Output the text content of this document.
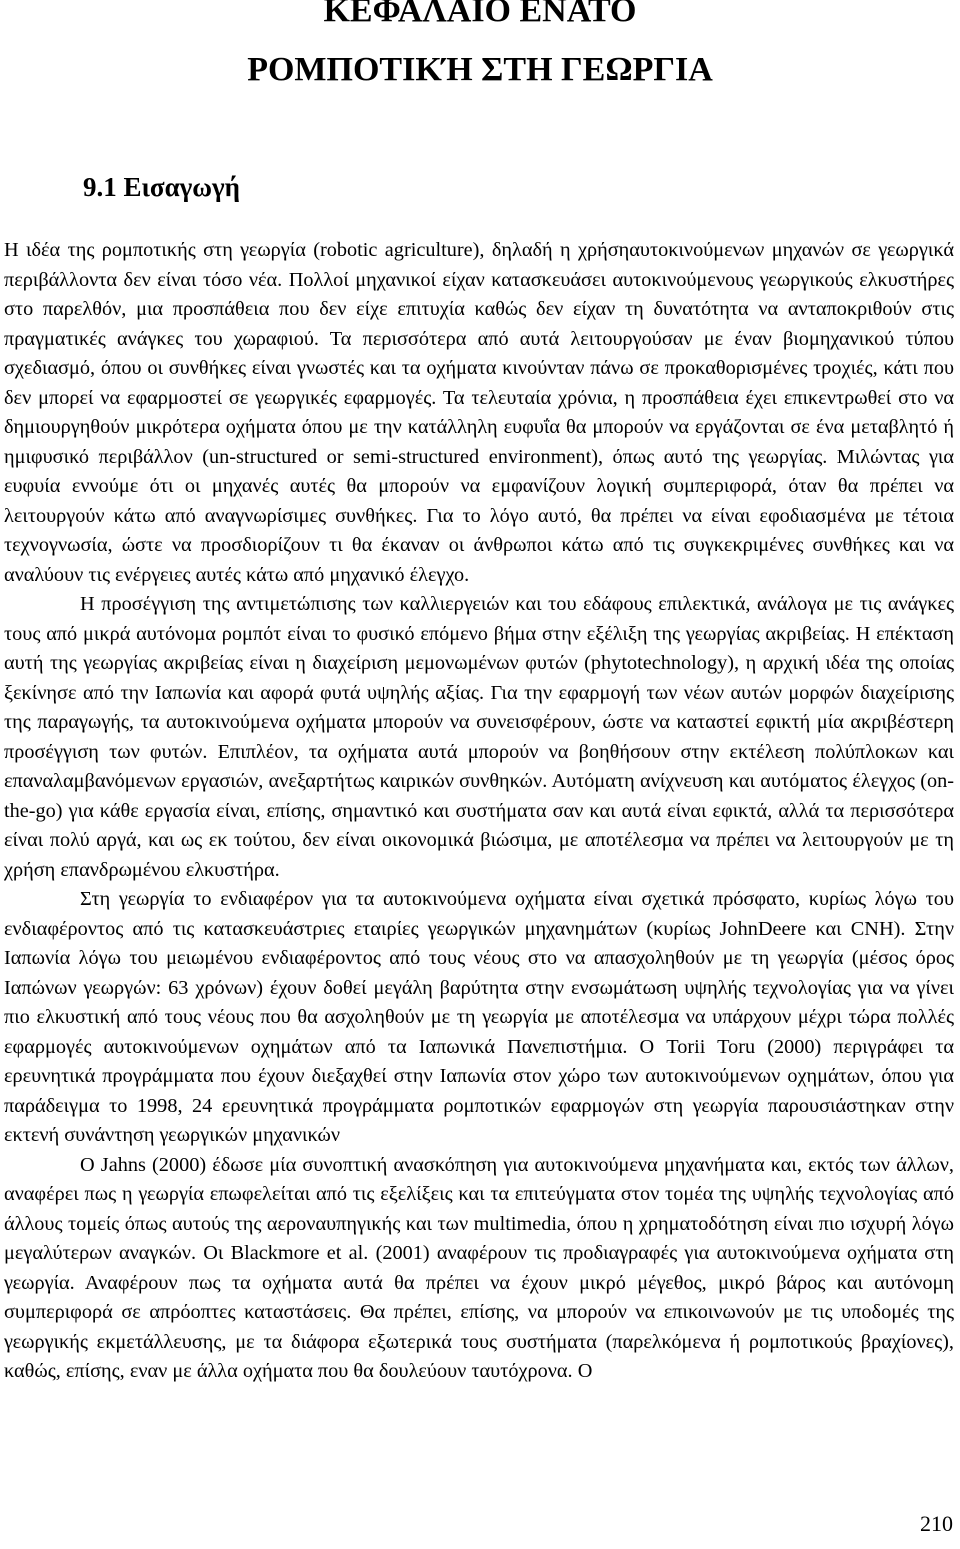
ΚΕΦΑΛΑΙΟ ΕΝΑΤΟ
ΡΟΜΠΟΤΙΚΉ ΣΤΗ ΓΕΩΡΓΙΑ
9.1 Εισαγωγή

Η ιδέα της ρομποτικής στη γεωργία (robotic agriculture), δηλαδή η χρήσηαυτοκινούμενων μηχανών σε γεωργικά περιβάλλοντα δεν είναι τόσο νέα. Πολλοί μηχανικοί είχαν κατασκευάσει αυτοκινούμενους γεωργικούς ελκυστήρες στο παρελθόν, μια προσπάθεια που δεν είχε επιτυχία καθώς δεν είχαν τη δυνατότητα να ανταποκριθούν στις πραγματικές ανάγκες του χωραφιού. Τα περισσότερα από αυτά λειτουργούσαν με έναν βιομηχανικού τύπου σχεδιασμό, όπου οι συνθήκες είναι γνωστές και τα οχήματα κινούνταν πάνω σε προκαθορισμένες τροχιές, κάτι που δεν μπορεί να εφαρμοστεί σε γεωργικές εφαρμογές. Τα τελευταία χρόνια, η προσπάθεια έχει επικεντρωθεί στο να δημιουργηθούν μικρότερα οχήματα όπου με την κατάλληλη ευφυΐα θα μπορούν να εργάζονται σε ένα μεταβλητό ή ημιφυσικό περιβάλλον (un-structured or semi-structured environment), όπως αυτό της γεωργίας. Μιλώντας για ευφυία εννούμε ότι οι μηχανές αυτές θα μπορούν να εμφανίζουν λογική συμπεριφορά, όταν θα πρέπει να λειτουργούν κάτω από αναγνωρίσιμες συνθήκες. Για το λόγο αυτό, θα πρέπει να είναι εφοδιασμένα με τέτοια τεχνογνωσία, ώστε να προσδιορίζουν τι θα έκαναν οι άνθρωποι κάτω από τις συγκεκριμένες συνθήκες και να αναλύουν τις ενέργειες αυτές κάτω από μηχανικό έλεγχο.

Η προσέγγιση της αντιμετώπισης των καλλιεργειών και του εδάφους επιλεκτικά, ανάλογα με τις ανάγκες τους από μικρά αυτόνομα ρομπότ είναι το φυσικό επόμενο βήμα στην εξέλιξη της γεωργίας ακριβείας. Η επέκταση αυτή της γεωργίας ακριβείας είναι η διαχείριση μεμονωμένων φυτών (phytotechnology), η αρχική ιδέα της οποίας ξεκίνησε από την Ιαπωνία και αφορά φυτά υψηλής αξίας. Για την εφαρμογή των νέων αυτών μορφών διαχείρισης της παραγωγής, τα αυτοκινούμενα οχήματα μπορούν να συνεισφέρουν, ώστε να καταστεί εφικτή μία ακριβέστερη προσέγγιση των φυτών. Επιπλέον, τα οχήματα αυτά μπορούν να βοηθήσουν στην εκτέλεση πολύπλοκων και επαναλαμβανόμενων εργασιών, ανεξαρτήτως καιρικών συνθηκών. Αυτόματη ανίχνευση και αυτόματος έλεγχος (on-the-go) για κάθε εργασία είναι, επίσης, σημαντικό και συστήματα σαν και αυτά είναι εφικτά, αλλά τα περισσότερα είναι πολύ αργά, και ως εκ τούτου, δεν είναι οικονομικά βιώσιμα, με αποτέλεσμα να πρέπει να λειτουργούν με τη χρήση επανδρωμένου ελκυστήρα.

Στη γεωργία το ενδιαφέρον για τα αυτοκινούμενα οχήματα είναι σχετικά πρόσφατο, κυρίως λόγω του ενδιαφέροντος από τις κατασκευάστριες εταιρίες γεωργικών μηχανημάτων (κυρίως JohnDeere και CNH). Στην Ιαπωνία λόγω του μειωμένου ενδιαφέροντος από τους νέους στο να απασχοληθούν με τη γεωργία (μέσος όρος Ιαπώνων γεωργών: 63 χρόνων) έχουν δοθεί μεγάλη βαρύτητα στην ενσωμάτωση υψηλής τεχνολογίας για να γίνει πιο ελκυστική από τους νέους που θα ασχοληθούν με τη γεωργία με αποτέλεσμα να υπάρχουν μέχρι τώρα πολλές εφαρμογές αυτοκινούμενων οχημάτων από τα Ιαπωνικά Πανεπιστήμια. Ο Torii Toru (2000) περιγράφει τα ερευνητικά προγράμματα που έχουν διεξαχθεί στην Ιαπωνία στον χώρο των αυτοκινούμενων οχημάτων, όπου για παράδειγμα το 1998, 24 ερευνητικά προγράμματα ρομποτικών εφαρμογών στη γεωργία παρουσιάστηκαν στην εκτενή συνάντηση γεωργικών μηχανικών

Ο Jahns (2000) έδωσε μία συνοπτική ανασκόπηση για αυτοκινούμενα μηχανήματα και, εκτός των άλλων, αναφέρει πως η γεωργία επωφελείται από τις εξελίξεις και τα επιτεύγματα στον τομέα της υψηλής τεχνολογίας από άλλους τομείς όπως αυτούς της αεροναυπηγικής και των multimedia, όπου η χρηματοδότηση είναι πιο ισχυρή λόγω μεγαλύτερων αναγκών. Οι Blackmore et al. (2001) αναφέρουν τις προδιαγραφές για αυτοκινούμενα οχήματα στη γεωργία. Αναφέρουν πως τα οχήματα αυτά θα πρέπει να έχουν μικρό μέγεθος, μικρό βάρος και αυτόνομη συμπεριφορά σε απρόοπτες καταστάσεις. Θα πρέπει, επίσης, να μπορούν να επικοινωνούν με τις υποδομές της γεωργικής εκμετάλλευσης, με τα διάφορα εξωτερικά τους συστήματα (παρελκόμενα ή ρομποτικούς βραχίονες), καθώς, επίσης, εναν με άλλα οχήματα που θα δουλεύουν ταυτόχρονα. Ο

210
